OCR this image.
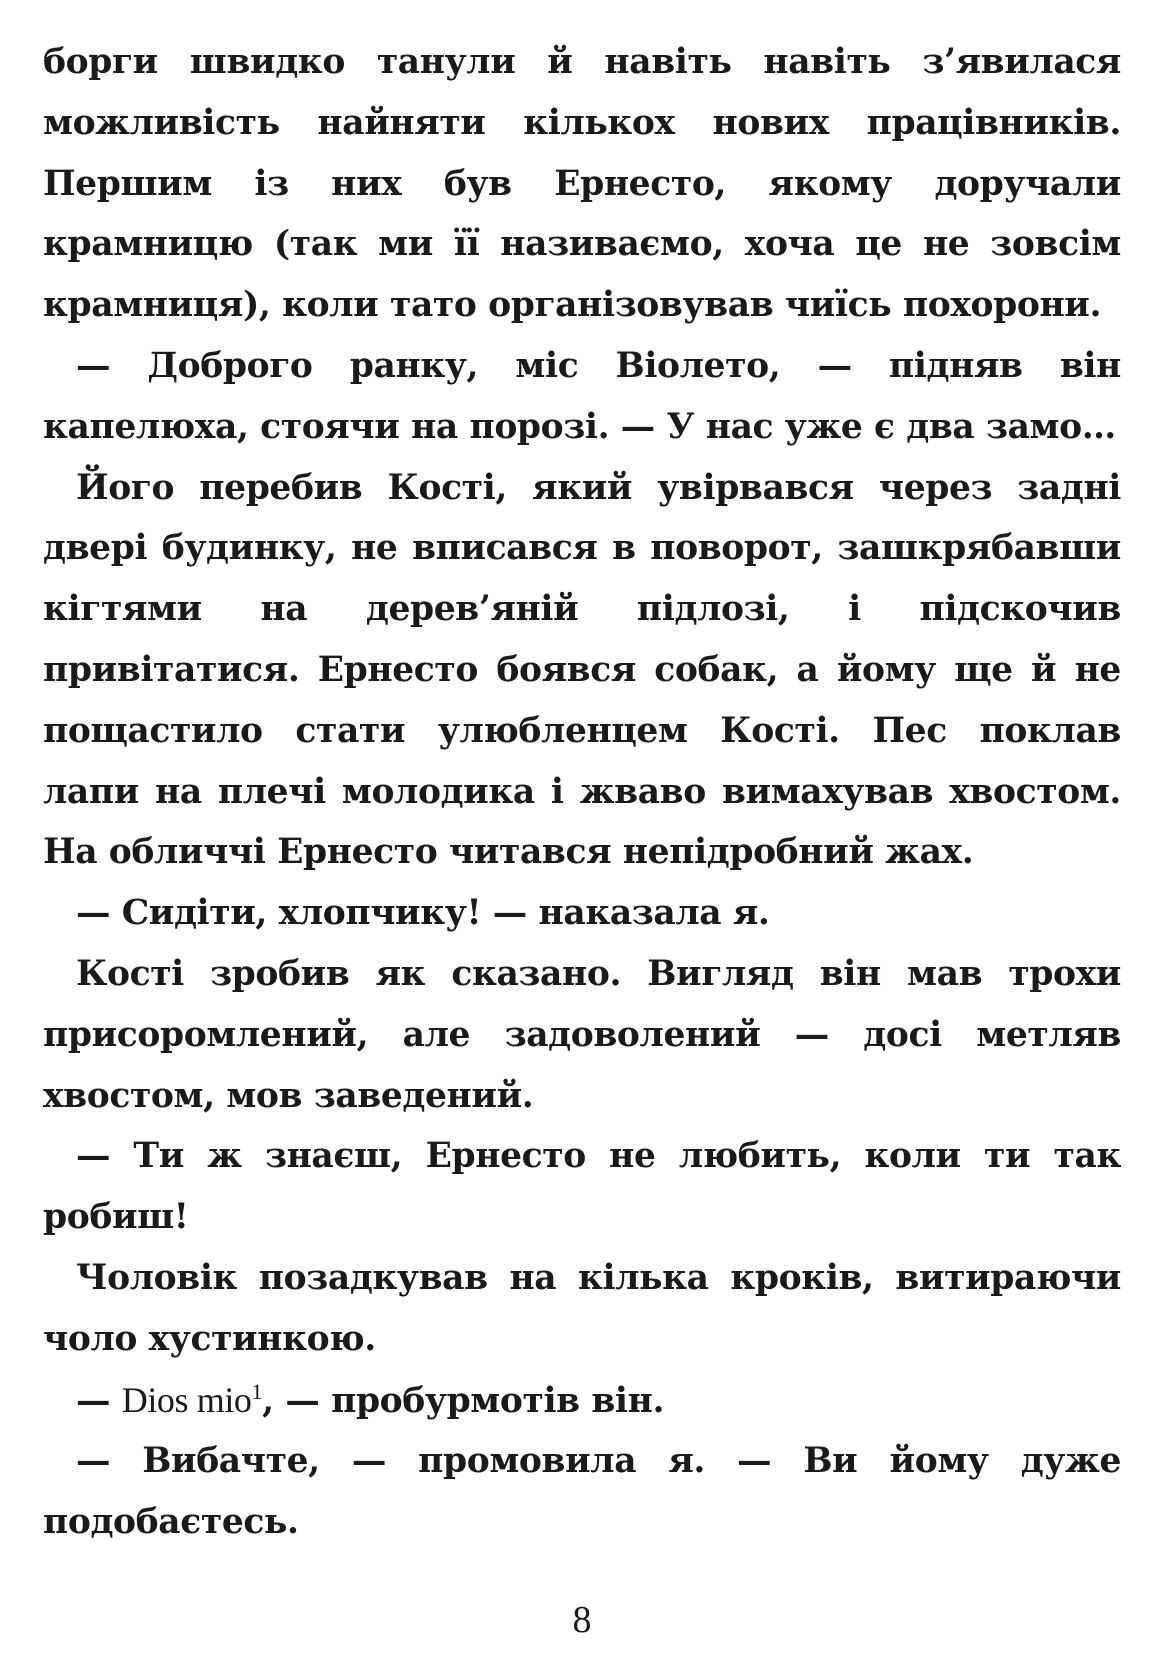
борги швидко танули й навіть навіть з’явилася можливість найняти кількох нових працівників. Першим із них був Ернесто, якому доручали крамницю (так ми її називаємо, хоча це не зовсім крамниця), коли тато організовував чиїсь похорони.

— Доброго ранку, міс Віолето, — підняв він капелюха, стоячи на порозі. — У нас уже є два замо…

Його перебив Кості, який увірвався через задні двері будинку, не вписався в поворот, зашкрябавши кігтями на дерев’яній підлозі, і підскочив привітатися. Ернесто боявся собак, а йому ще й не пощастило стати улюбленцем Кості. Пес поклав лапи на плечі молодика і жваво вимахував хвостом. На обличчі Ернесто читався непідробний жах.

— Сидіти, хлопчику! — наказала я.

Кості зробив як сказано. Вигляд він мав трохи присоромлений, але задоволений — досі метляв хвостом, мов заведений.

— Ти ж знаєш, Ернесто не любить, коли ти так робиш!

Чоловік позадкував на кілька кроків, витираючи чоло хустинкою.

— Dios mio$^1$, — пробурмотів він.

— Вибачте, — промовила я. — Ви йому дуже подобаєтесь.

8
